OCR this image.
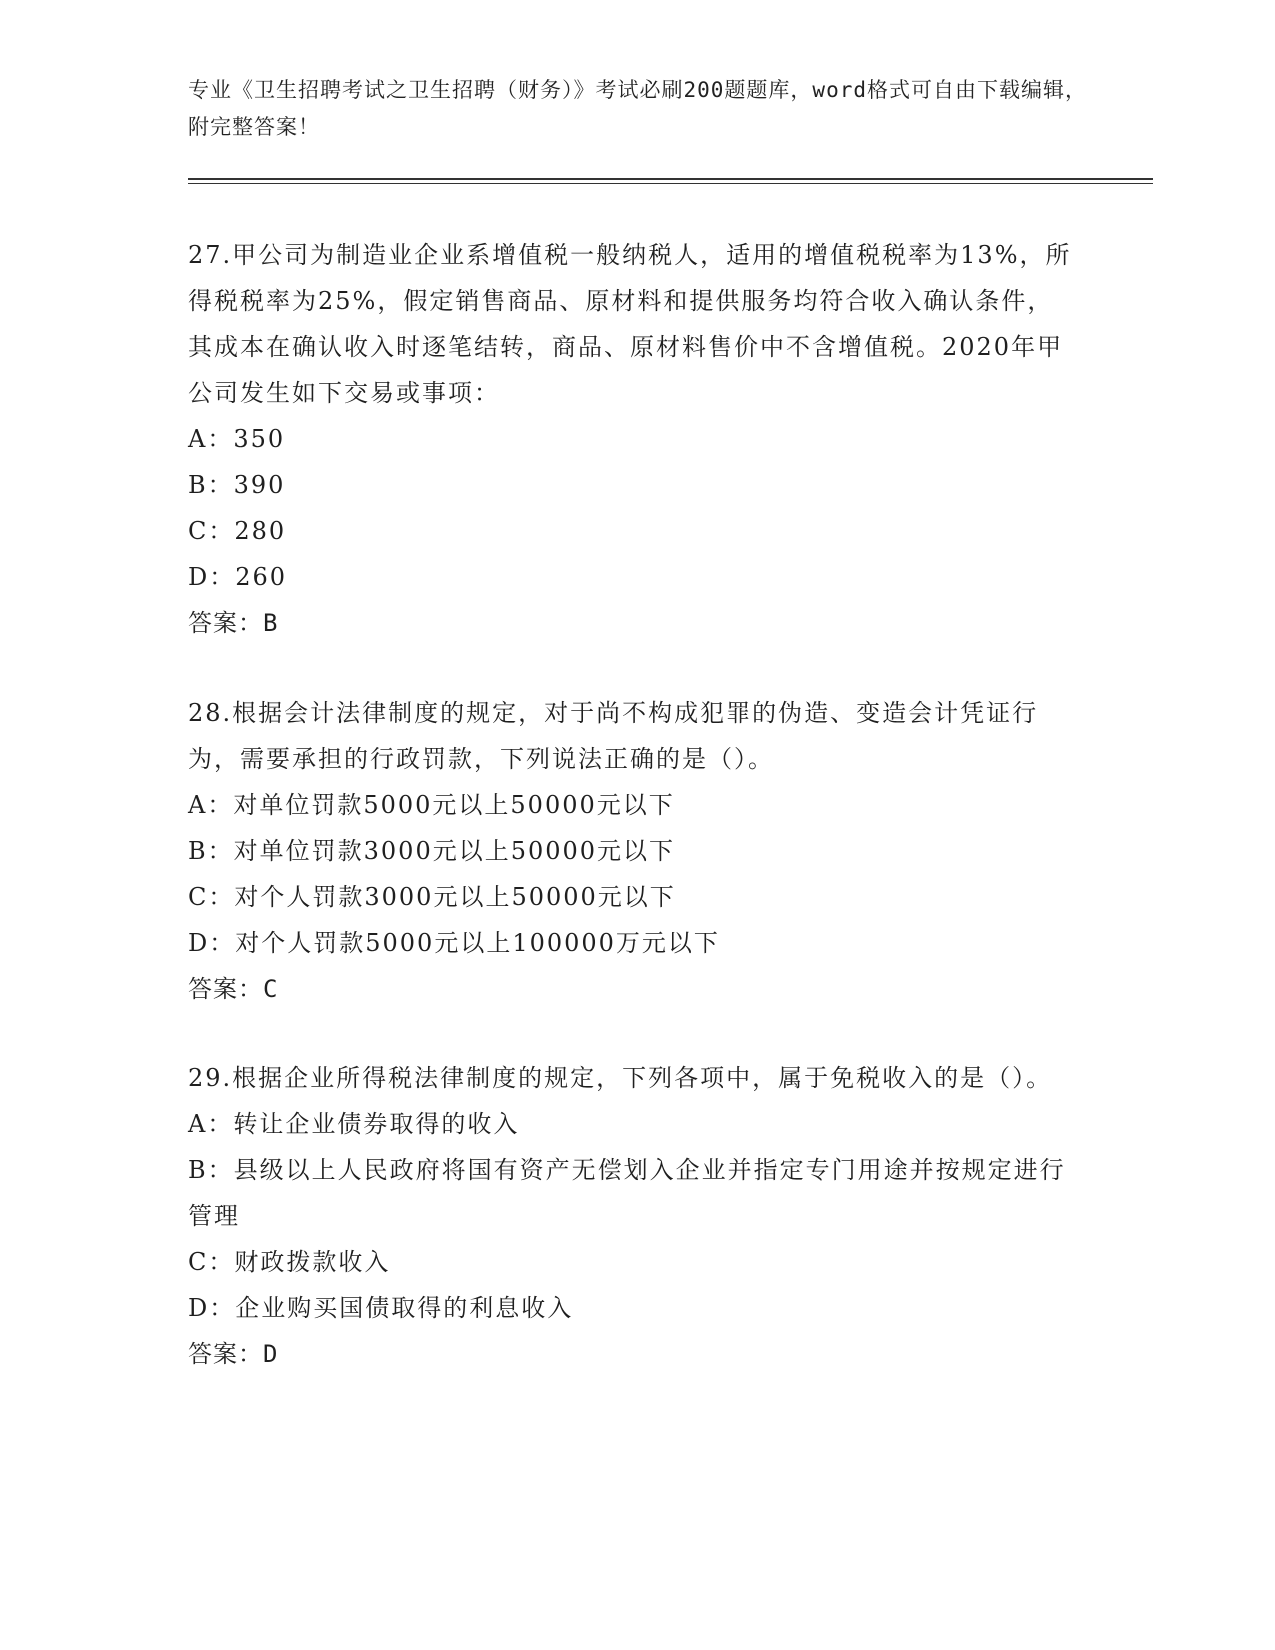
专业《卫生招聘考试之卫生招聘（财务）》考试必刷200题题库，word格式可自由下载编辑，附完整答案！
27.甲公司为制造业企业系增值税一般纳税人，适用的增值税税率为13%，所得税税率为25%，假定销售商品、原材料和提供服务均符合收入确认条件，其成本在确认收入时逐笔结转，商品、原材料售价中不含增值税。2020年甲公司发生如下交易或事项：
A：350
B：390
C：280
D：260
答案：B
28.根据会计法律制度的规定，对于尚不构成犯罪的伪造、变造会计凭证行为，需要承担的行政罚款，下列说法正确的是（）。
A：对单位罚款5000元以上50000元以下
B：对单位罚款3000元以上50000元以下
C：对个人罚款3000元以上50000元以下
D：对个人罚款5000元以上100000万元以下
答案：C
29.根据企业所得税法律制度的规定，下列各项中，属于免税收入的是（）。
A：转让企业债券取得的收入
B：县级以上人民政府将国有资产无偿划入企业并指定专门用途并按规定进行管理
C：财政拨款收入
D：企业购买国债取得的利息收入
答案：D
